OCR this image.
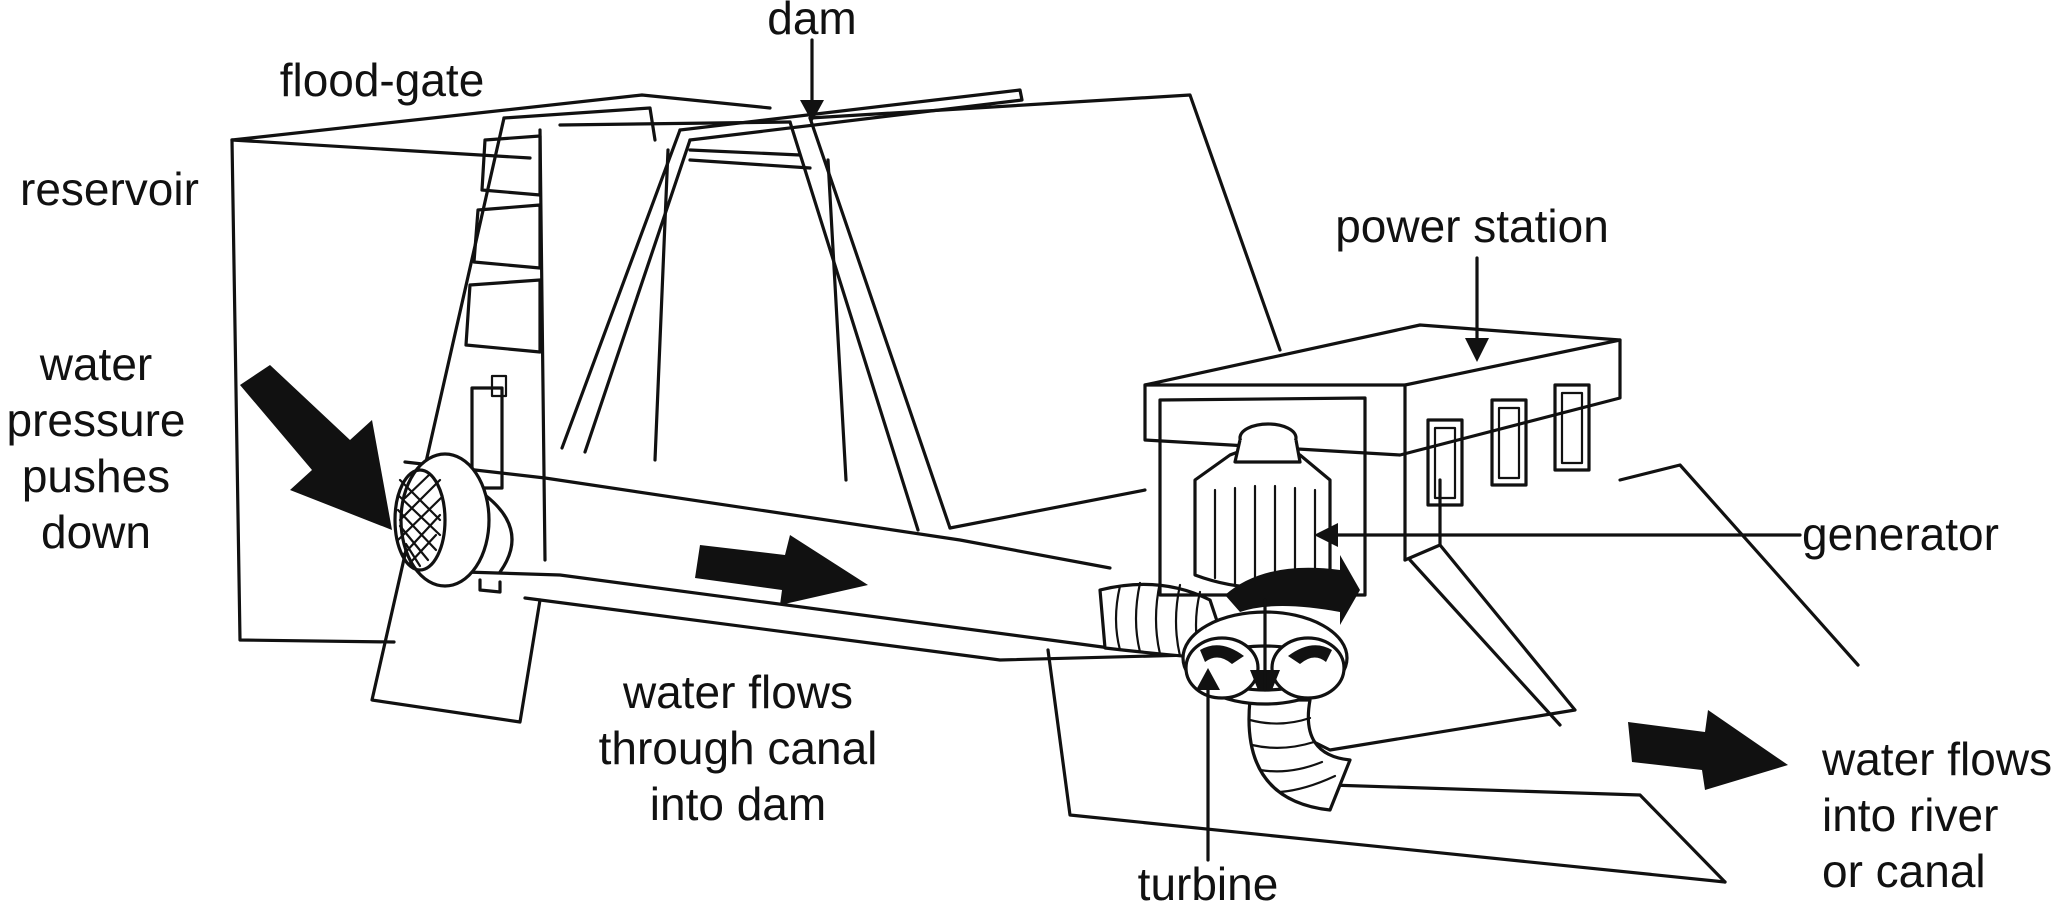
dam
flood-gate
reservoir
water
pressure
pushes
down
power station
generator
water flows
through canal
into dam
water flows
into river
or canal
turbine
